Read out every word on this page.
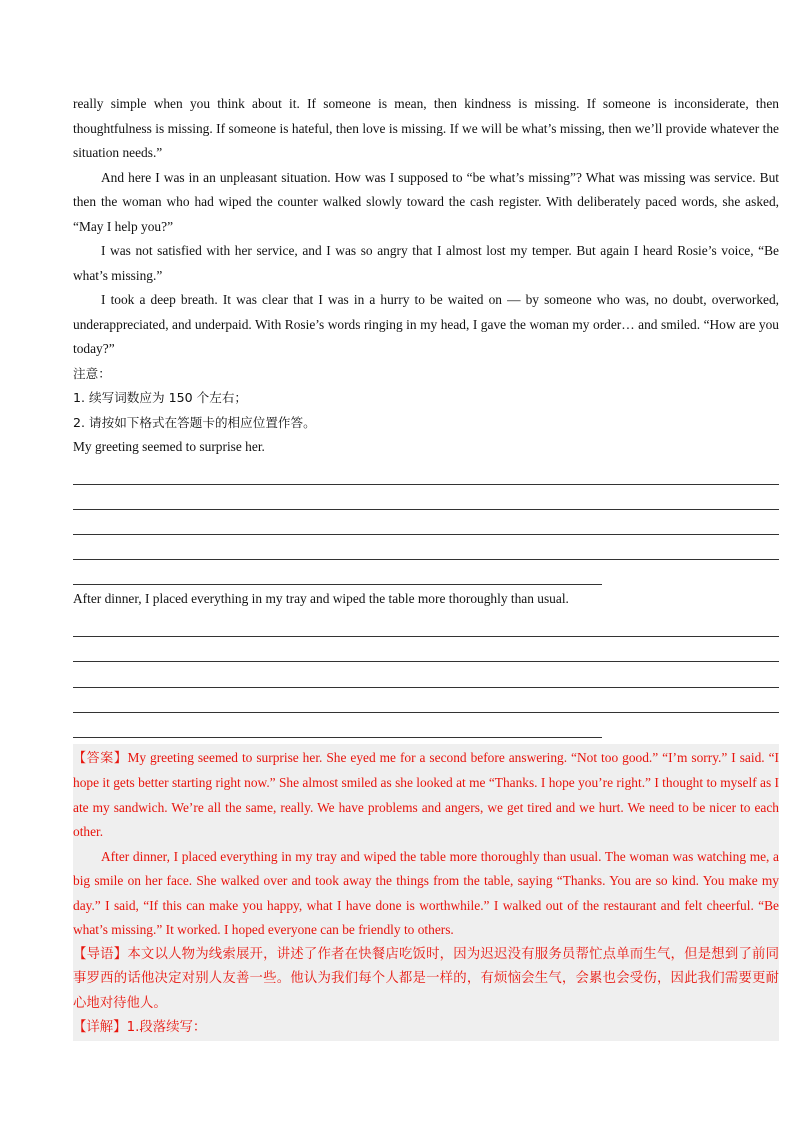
really simple when you think about it. If someone is mean, then kindness is missing. If someone is inconsiderate, then thoughtfulness is missing. If someone is hateful, then love is missing. If we will be what’s missing, then we’ll provide whatever the situation needs.”

And here I was in an unpleasant situation. How was I supposed to “be what’s missing”? What was missing was service. But then the woman who had wiped the counter walked slowly toward the cash register. With deliberately paced words, she asked, “May I help you?”

I was not satisfied with her service, and I was so angry that I almost lost my temper. But again I heard Rosie’s voice, “Be what’s missing.”

I took a deep breath. It was clear that I was in a hurry to be waited on — by someone who was, no doubt, overworked, underappreciated, and underpaid. With Rosie’s words ringing in my head, I gave the woman my order… and smiled. “How are you today?”

注意：

1. 续写词数应为 150 个左右；

2. 请按如下格式在答题卡的相应位置作答。

My greeting seemed to surprise her.

After dinner, I placed everything in my tray and wiped the table more thoroughly than usual.

【答案】My greeting seemed to surprise her. She eyed me for a second before answering. “Not too good.” “I’m sorry.” I said. “I hope it gets better starting right now.” She almost smiled as she looked at me “Thanks. I hope you’re right.” I thought to myself as I ate my sandwich. We’re all the same, really. We have problems and angers, we get tired and we hurt. We need to be nicer to each other.

After dinner, I placed everything in my tray and wiped the table more thoroughly than usual. The woman was watching me, a big smile on her face. She walked over and took away the things from the table, saying “Thanks. You are so kind. You make my day.” I said, “If this can make you happy, what I have done is worthwhile.” I walked out of the restaurant and felt cheerful. “Be what’s missing.” It worked. I hoped everyone can be friendly to others.

【导语】本文以人物为线索展开，讲述了作者在快餐店吃饭时，因为迟迟没有服务员帮忙点单而生气，但是想到了前同事罗西的话他决定对别人友善一些。他认为我们每个人都是一样的，有烦恼会生气，会累也会受伤，因此我们需要更耐心地对待他人。

【详解】1.段落续写：
